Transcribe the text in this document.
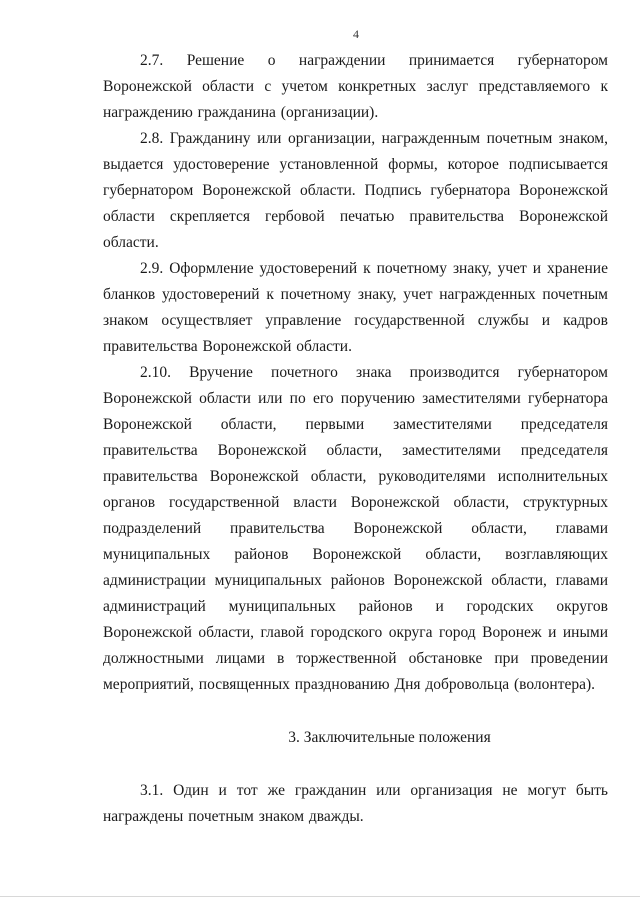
4

2.7. Решение о награждении принимается губернатором Воронежской области с учетом конкретных заслуг представляемого к награждению гражданина (организации).

2.8. Гражданину или организации, награжденным почетным знаком, выдается удостоверение установленной формы, которое подписывается губернатором Воронежской области. Подпись губернатора Воронежской области скрепляется гербовой печатью правительства Воронежской области.

2.9. Оформление удостоверений к почетному знаку, учет и хранение бланков удостоверений к почетному знаку, учет награжденных почетным знаком осуществляет управление государственной службы и кадров правительства Воронежской области.

2.10. Вручение почетного знака производится губернатором Воронежской области или по его поручению заместителями губернатора Воронежской области, первыми заместителями председателя правительства Воронежской области, заместителями председателя правительства Воронежской области, руководителями исполнительных органов государственной власти Воронежской области, структурных подразделений правительства Воронежской области, главами муниципальных районов Воронежской области, возглавляющих администрации муниципальных районов Воронежской области, главами администраций муниципальных районов и городских округов Воронежской области, главой городского округа город Воронеж и иными должностными лицами в торжественной обстановке при проведении мероприятий, посвященных празднованию Дня добровольца (волонтера).

3. Заключительные положения

3.1. Один и тот же гражданин или организация не могут быть награждены почетным знаком дважды.
